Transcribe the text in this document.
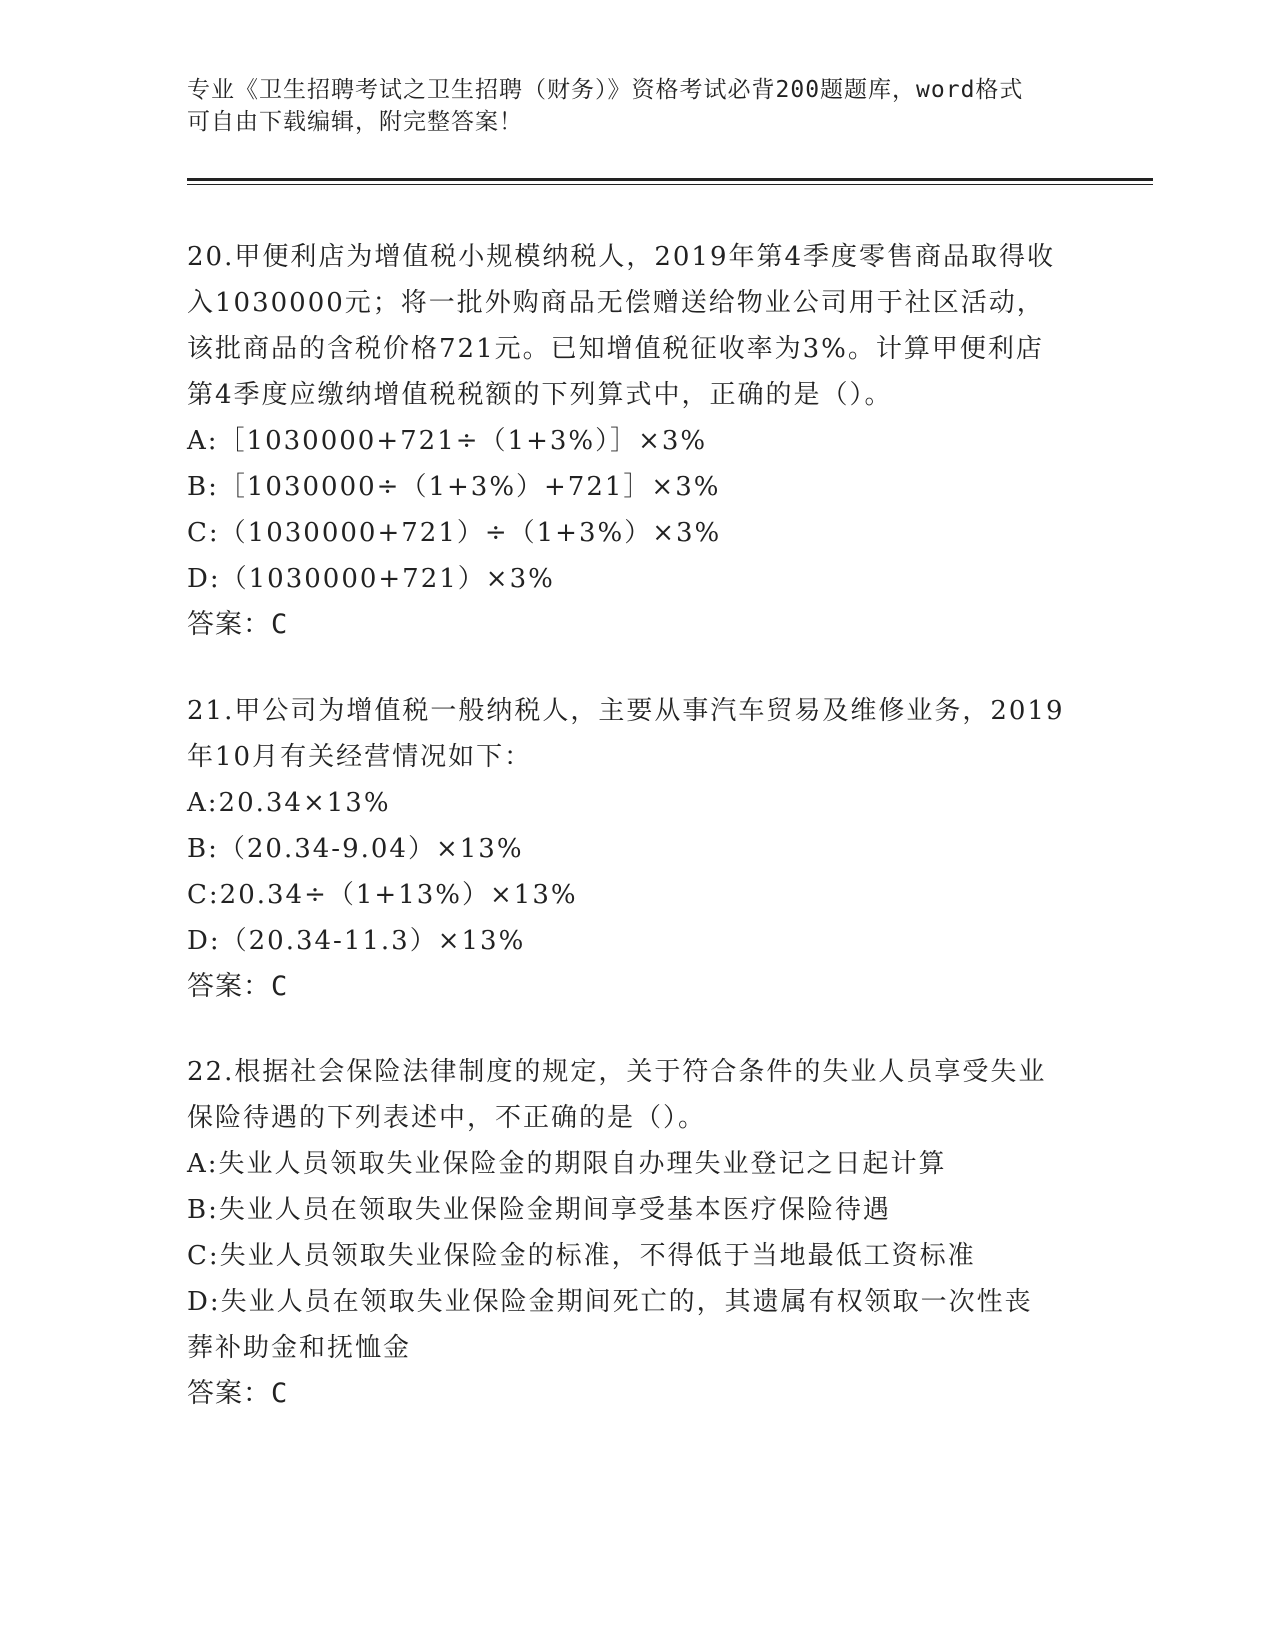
专业《卫生招聘考试之卫生招聘（财务）》资格考试必背200题题库，word格式
可自由下载编辑，附完整答案！
20.甲便利店为增值税小规模纳税人，2019年第4季度零售商品取得收
入1030000元；将一批外购商品无偿赠送给物业公司用于社区活动，
该批商品的含税价格721元。已知增值税征收率为3%。计算甲便利店
第4季度应缴纳增值税税额的下列算式中，正确的是（）。
A:［1030000+721÷（1+3%）］×3%
B:［1030000÷（1+3%）+721］×3%
C:（1030000+721）÷（1+3%）×3%
D:（1030000+721）×3%
答案：C
21.甲公司为增值税一般纳税人，主要从事汽车贸易及维修业务，2019
年10月有关经营情况如下：
A:20.34×13%
B:（20.34-9.04）×13%
C:20.34÷（1+13%）×13%
D:（20.34-11.3）×13%
答案：C
22.根据社会保险法律制度的规定，关于符合条件的失业人员享受失业
保险待遇的下列表述中，不正确的是（）。
A:失业人员领取失业保险金的期限自办理失业登记之日起计算
B:失业人员在领取失业保险金期间享受基本医疗保险待遇
C:失业人员领取失业保险金的标准，不得低于当地最低工资标准
D:失业人员在领取失业保险金期间死亡的，其遗属有权领取一次性丧
葬补助金和抚恤金
答案：C
